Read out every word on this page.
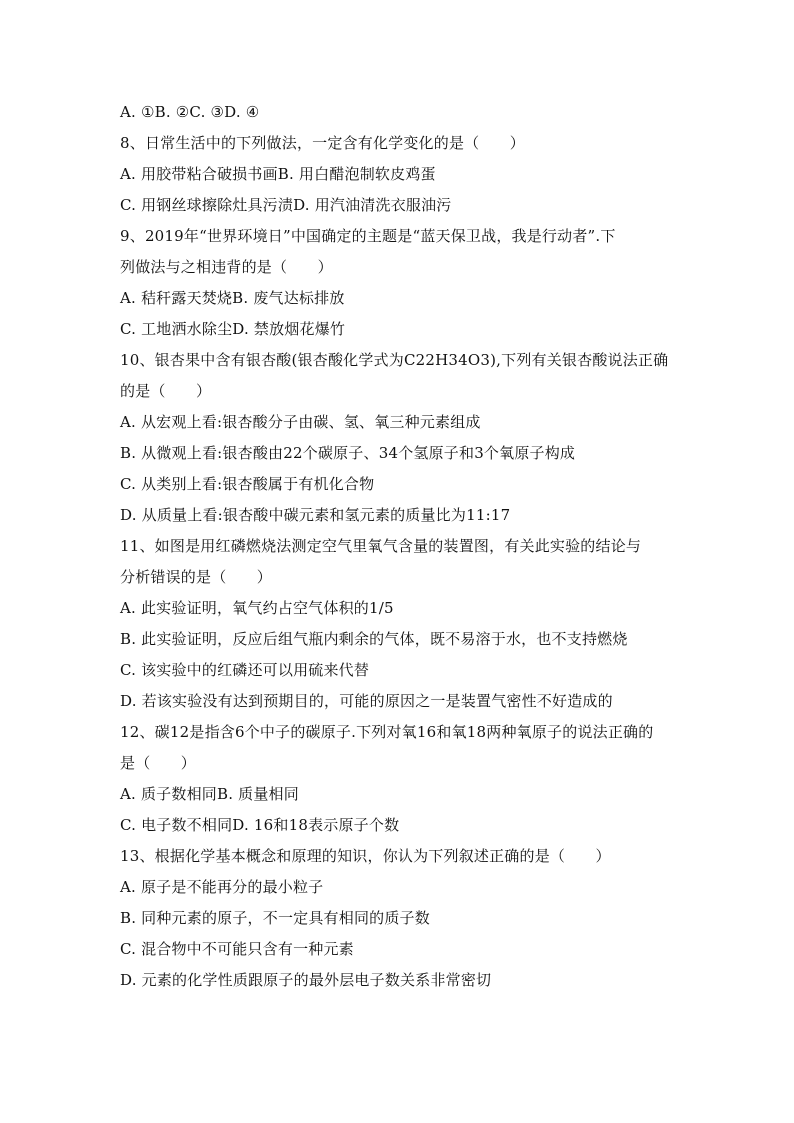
A. ①B. ②C. ③D. ④
8、日常生活中的下列做法，一定含有化学变化的是（　　）
A. 用胶带粘合破损书画B. 用白醋泡制软皮鸡蛋
C. 用钢丝球擦除灶具污渍D. 用汽油清洗衣服油污
9、2019年“世界环境日”中国确定的主题是“蓝天保卫战，我是行动者”.下
列做法与之相违背的是（　　）
A. 秸秆露天焚烧B. 废气达标排放
C. 工地洒水除尘D. 禁放烟花爆竹
10、银杏果中含有银杏酸(银杏酸化学式为C22H34O3),下列有关银杏酸说法正确
的是（　　）
A. 从宏观上看:银杏酸分子由碳、氢、氧三种元素组成
B. 从微观上看:银杏酸由22个碳原子、34个氢原子和3个氧原子构成
C. 从类别上看:银杏酸属于有机化合物
D. 从质量上看:银杏酸中碳元素和氢元素的质量比为11:17
11、如图是用红磷燃烧法测定空气里氧气含量的装置图，有关此实验的结论与
分析错误的是（　　）
A. 此实验证明，氧气约占空气体积的1/5
B. 此实验证明，反应后组气瓶内剩余的气体，既不易溶于水，也不支持燃烧
C. 该实验中的红磷还可以用硫来代替
D. 若该实验没有达到预期目的，可能的原因之一是装置气密性不好造成的
12、碳12是指含6个中子的碳原子.下列对氧16和氧18两种氧原子的说法正确的
是（　　）
A. 质子数相同B. 质量相同
C. 电子数不相同D. 16和18表示原子个数
13、根据化学基本概念和原理的知识，你认为下列叙述正确的是（　　）
A. 原子是不能再分的最小粒子
B. 同种元素的原子，不一定具有相同的质子数
C. 混合物中不可能只含有一种元素
D. 元素的化学性质跟原子的最外层电子数关系非常密切
